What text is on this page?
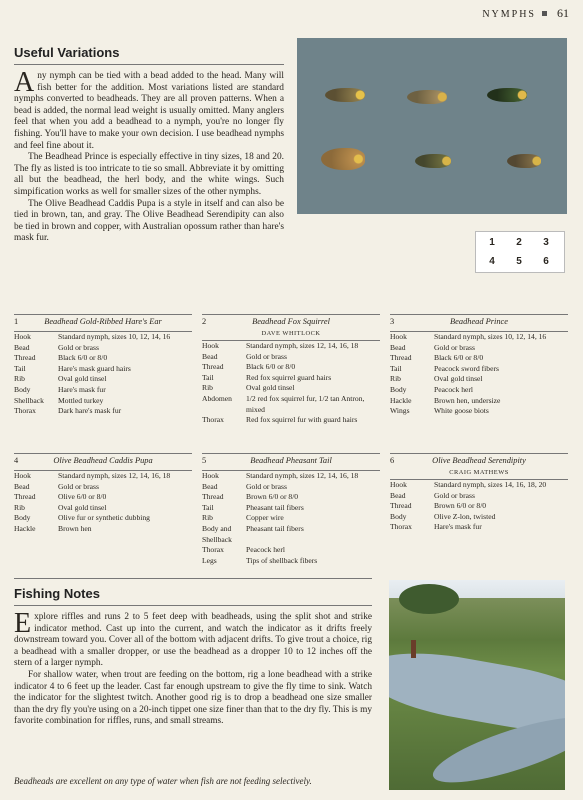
NYMPHS 61
Useful Variations

Any nymph can be tied with a bead added to the head. Many will fish better for the addition. Most variations listed are standard nymphs converted to beadheads. They are all proven patterns. When a bead is added, the normal lead weight is usually omitted. Many anglers feel that when you add a beadhead to a nymph, you're no longer fly fishing. You'll have to make your own decision. I use beadhead nymphs and feel fine about it.

The Beadhead Prince is especially effective in tiny sizes, 18 and 20. The fly as listed is too intricate to tie so small. Abbreviate it by omitting all but the beadhead, the herl body, and the white wings. Such simpification works as well for smaller sizes of the other nymphs.

The Olive Beadhead Caddis Pupa is a style in itself and can also be tied in brown, tan, and gray. The Olive Beadhead Serendipity can also be tied in brown and copper, with Australian opossum rather than hare's mask fur.	1	2	3
4	5	6
1	Beadhead Gold-Ribbed Hare's Ear
Hook	Standard nymph, sizes 10, 12, 14, 16
Bead	Gold or brass
Thread	Black 6/0 or 8/0
Tail	Hare's mask guard hairs
Rib	Oval gold tinsel
Body	Hare's mask fur
Shellback	Mottled turkey
Thorax	Dark hare's mask fur
2	Beadhead Fox Squirrel
DAVE WHITLOCK
Hook	Standard nymph, sizes 12, 14, 16, 18
Bead	Gold or brass
Thread	Black 6/0 or 8/0
Tail	Red fox squirrel guard hairs
Rib	Oval gold tinsel
Abdomen	1/2 red fox squirrel fur, 1/2 tan Antron, mixed
Thorax	Red fox squirrel fur with guard hairs
3	Beadhead Prince
Hook	Standard nymph, sizes 10, 12, 14, 16
Bead	Gold or brass
Thread	Black 6/0 or 8/0
Tail	Peacock sword fibers
Rib	Oval gold tinsel
Body	Peacock herl
Hackle	Brown hen, undersize
Wings	White goose biots
4	Olive Beadhead Caddis Pupa
Hook	Standard nymph, sizes 12, 14, 16, 18
Bead	Gold or brass
Thread	Olive 6/0 or 8/0
Rib	Oval gold tinsel
Body	Olive fur or synthetic dubbing
Hackle	Brown hen
5	Beadhead Pheasant Tail
Hook	Standard nymph, sizes 12, 14, 16, 18
Bead	Gold or brass
Thread	Brown 6/0 or 8/0
Tail	Pheasant tail fibers
Rib	Copper wire
Body and Shellback
Pheasant tail fibers
Thorax	Peacock herl
Legs	Tips of shellback fibers
6	Olive Beadhead Serendipity
CRAIG MATHEWS
Hook	Standard nymph, sizes 14, 16, 18, 20
Bead	Gold or brass
Thread	Brown 6/0 or 8/0
Body	Olive Z-lon, twisted
Thorax	Hare's mask fur
Fishing Notes

Explore riffles and runs 2 to 5 feet deep with beadheads, using the split shot and strike indicator method. Cast up into the current, and watch the indicator as it drifts freely downstream toward you. Cover all of the bottom with adjacent drifts. To give trout a choice, rig a beadhead with a smaller dropper, or use the beadhead as a dropper 10 to 12 inches off the stern of a larger nymph.

For shallow water, when trout are feeding on the bottom, rig a lone beadhead with a strike indicator 4 to 6 feet up the leader. Cast far enough upstream to give the fly time to sink. Watch the indicator for the slightest twitch. Another good rig is to drop a beadhead one size smaller than the dry fly you're using on a 20-inch tippet one size finer than that to the dry fly. This is my favorite combination for riffles, runs, and small streams.

Beadheads are excellent on any type of water when fish are not feeding selectively.
